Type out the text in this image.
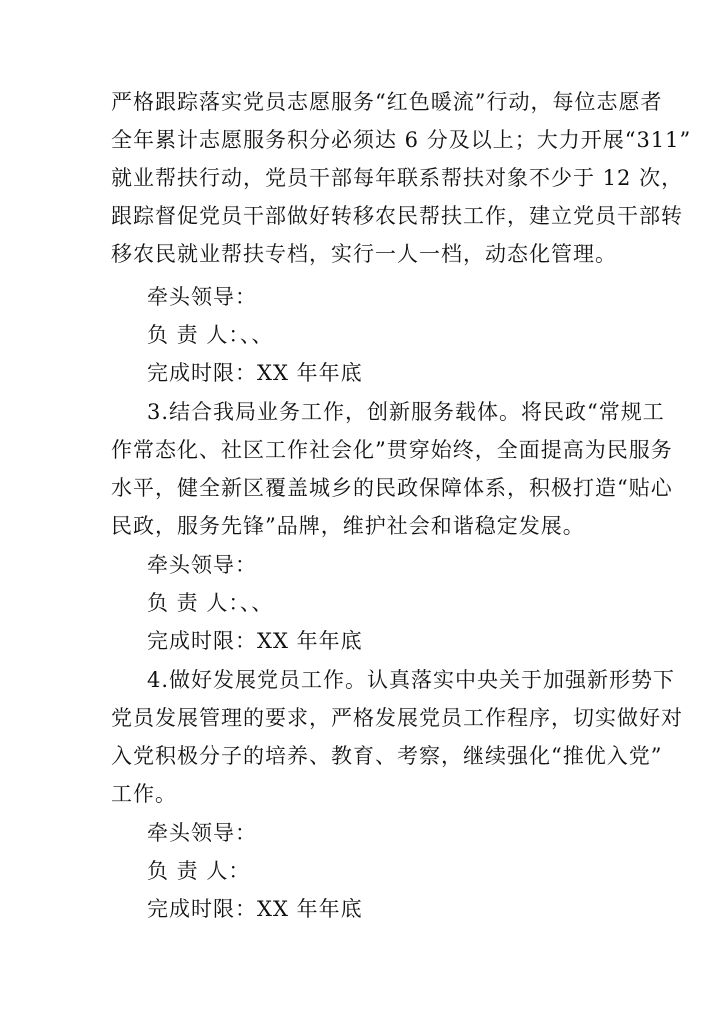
严格跟踪落实党员志愿服务“红色暖流”行动，每位志愿者
全年累计志愿服务积分必须达 6 分及以上；大力开展“311”
就业帮扶行动，党员干部每年联系帮扶对象不少于 12 次，
跟踪督促党员干部做好转移农民帮扶工作，建立党员干部转
移农民就业帮扶专档，实行一人一档，动态化管理。
牵头领导：
负 责 人：、、
完成时限：XX 年年底
3.结合我局业务工作，创新服务载体。将民政“常规工
作常态化、社区工作社会化”贯穿始终，全面提高为民服务
水平，健全新区覆盖城乡的民政保障体系，积极打造“贴心
民政，服务先锋”品牌，维护社会和谐稳定发展。
牵头领导：
负 责 人：、、
完成时限：XX 年年底
4.做好发展党员工作。认真落实中央关于加强新形势下
党员发展管理的要求，严格发展党员工作程序，切实做好对
入党积极分子的培养、教育、考察，继续强化“推优入党”
工作。
牵头领导：
负 责 人：
完成时限：XX 年年底
